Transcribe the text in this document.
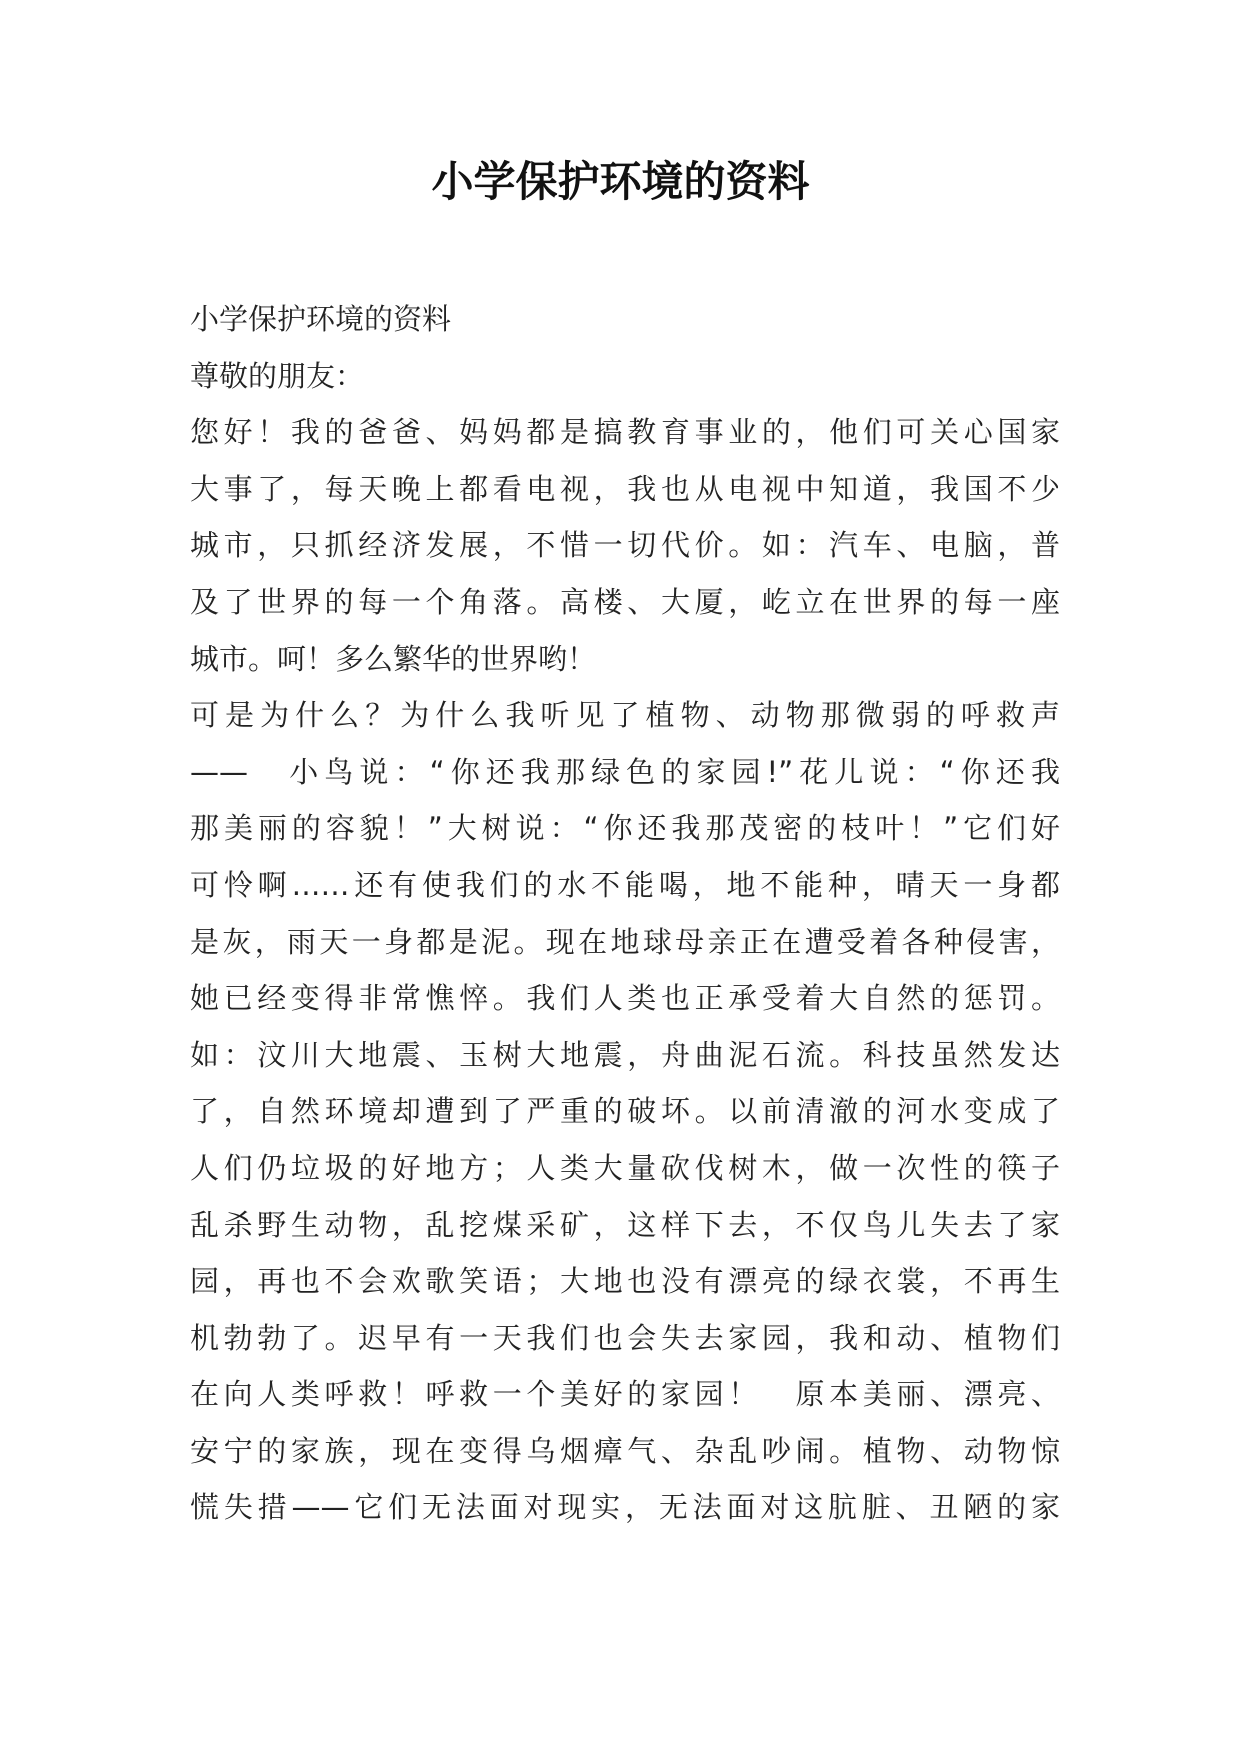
小学保护环境的资料
小学保护环境的资料
尊敬的朋友：
您好！我的爸爸、妈妈都是搞教育事业的，他们可关心国家
大事了，每天晚上都看电视，我也从电视中知道，我国不少
城市，只抓经济发展，不惜一切代价。如：汽车、电脑，普
及了世界的每一个角落。高楼、大厦，屹立在世界的每一座
城市。呵！多么繁华的世界哟！
可是为什么？为什么我听见了植物、动物那微弱的呼救声
——　小鸟说：“你还我那绿色的家园!”花儿说：“你还我
那美丽的容貌！”大树说：“你还我那茂密的枝叶！”它们好
可怜啊……还有使我们的水不能喝，地不能种，晴天一身都
是灰，雨天一身都是泥。现在地球母亲正在遭受着各种侵害，
她已经变得非常憔悴。我们人类也正承受着大自然的惩罚。
如：汶川大地震、玉树大地震，舟曲泥石流。科技虽然发达
了，自然环境却遭到了严重的破坏。以前清澈的河水变成了
人们仍垃圾的好地方；人类大量砍伐树木，做一次性的筷子
乱杀野生动物，乱挖煤采矿，这样下去，不仅鸟儿失去了家
园，再也不会欢歌笑语；大地也没有漂亮的绿衣裳，不再生
机勃勃了。迟早有一天我们也会失去家园，我和动、植物们
在向人类呼救！呼救一个美好的家园！　原本美丽、漂亮、
安宁的家族，现在变得乌烟瘴气、杂乱吵闹。植物、动物惊
慌失措——它们无法面对现实，无法面对这肮脏、丑陋的家
